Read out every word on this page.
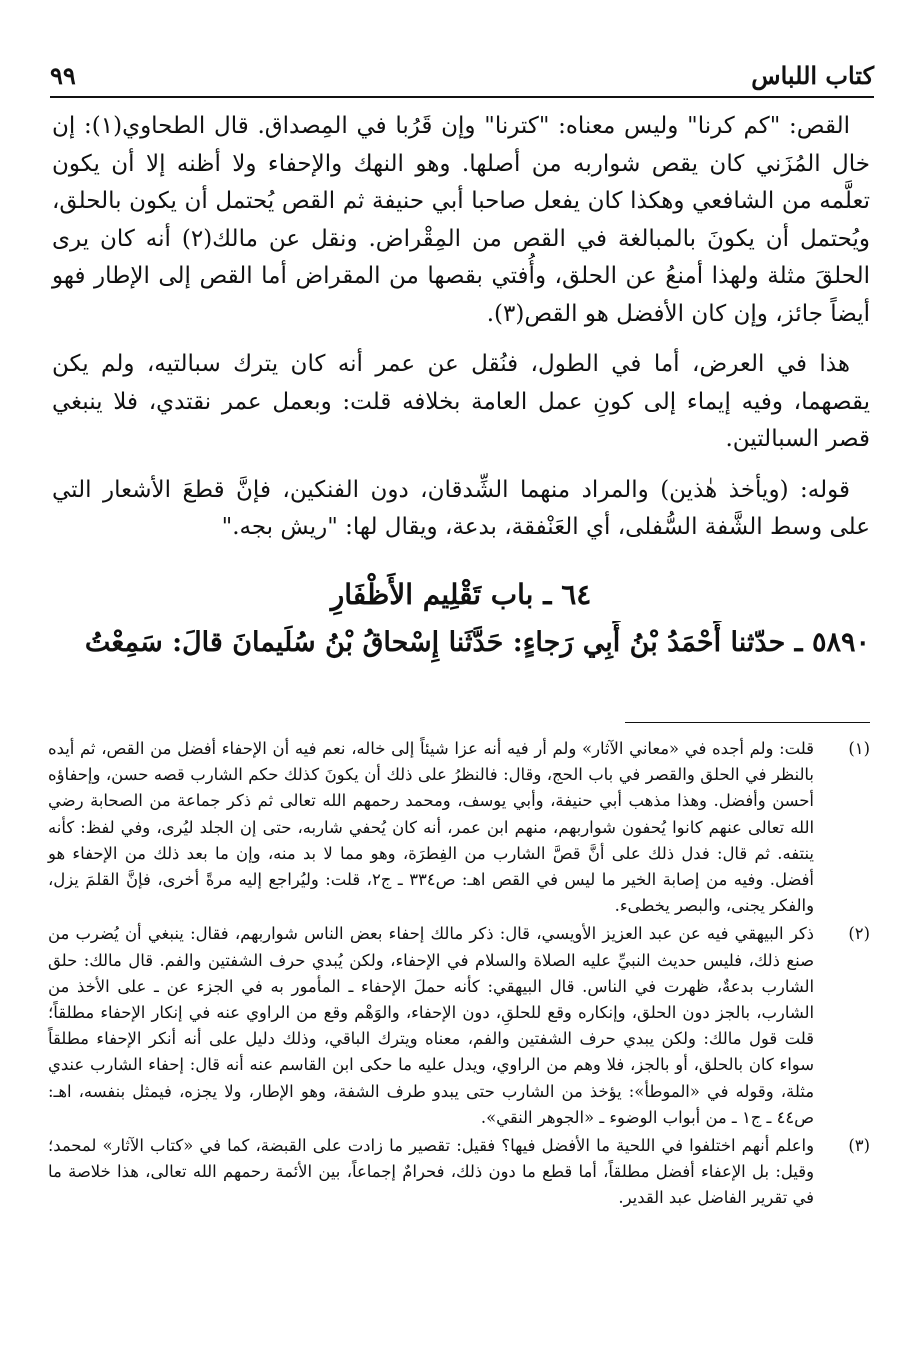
كتاب اللباس
٩٩

القص: "كم كرنا" وليس معناه: "كترنا" وإن قَرُبا في المِصداق. قال الطحاوي(١): إن خال المُزَني كان يقص شواربه من أصلها. وهو النهك والإحفاء ولا أظنه إلا أن يكون تعلَّمه من الشافعي وهكذا كان يفعل صاحبا أبي حنيفة ثم القص يُحتمل أن يكون بالحلق، ويُحتمل أن يكونَ بالمبالغة في القص من المِقْراض. ونقل عن مالك(٢) أنه كان يرى الحلقَ مثلة ولهذا أمنعُ عن الحلق، وأُفتي بقصها من المقراض أما القص إلى الإطار فهو أيضاً جائز، وإن كان الأفضل هو القص(٣).

هذا في العرض، أما في الطول، فنُقل عن عمر أنه كان يترك سبالتيه، ولم يكن يقصهما، وفيه إيماء إلى كونِ عمل العامة بخلافه قلت: وبعمل عمر نقتدي، فلا ينبغي قصر السبالتين.

قوله: (ويأخذ هٰذين) والمراد منهما الشِّدقان، دون الفنكين، فإنَّ قطعَ الأشعار التي على وسط الشَّفة السُّفلى، أي العَنْفقة، بدعة، ويقال لها: "ريش بجه."

٦٤ ـ باب تَقْلِيم الأَظْفَارِ
٥٨٩٠ ـ حدّثنا أَحْمَدُ بْنُ أَبِي رَجاءٍ: حَدَّثَنا إِسْحاقُ بْنُ سُلَيمانَ قالَ: سَمِعْتُ
(١)
قلت: ولم أجده في «معاني الآثار» ولم أر فيه أنه عزا شيئاً إلى خاله، نعم فيه أن الإحفاء أفضل من القص، ثم أيده بالنظر في الحلق والقصر في باب الحج، وقال: فالنظرُ على ذلك أن يكونَ كذلك حكم الشارب قصه حسن، وإحفاؤه أحسن وأفضل. وهذا مذهب أبي حنيفة، وأبي يوسف، ومحمد رحمهم الله تعالى ثم ذكر جماعة من الصحابة رضي الله تعالى عنهم كانوا يُحفون شواربهم، منهم ابن عمر، أنه كان يُحفي شاربه، حتى إن الجلد ليُرى، وفي لفظ: كأنه ينتفه. ثم قال: فدل ذلك على أنَّ قصَّ الشارب من الفِطرَة، وهو مما لا بد منه، وإن ما بعد ذلك من الإحفاء هو أفضل. وفيه من إصابة الخير ما ليس في القص اهـ: ص٣٣٤ ـ ج٢، قلت: وليُراجع إليه مرةً أخرى، فإنَّ القلمَ يزل، والفكر يجنى، والبصر يخطىء.
(٢)
ذكر البيهقي فيه عن عبد العزيز الأويسي، قال: ذكر مالك إحفاء بعض الناس شواربهم، فقال: ينبغي أن يُضرب من صنع ذلك، فليس حديث النبيِّ عليه الصلاة والسلام في الإحفاء، ولكن يُبدي حرف الشفتين والفم. قال مالك: حلق الشارب بدعةٌ، ظهرت في الناس. قال البيهقي: كأنه حملَ الإحفاء ـ المأمور به في الجزء عن ـ على الأخذ من الشارب، بالجز دون الحلق، وإنكاره وقع للحلقِ، دون الإحفاء، والوَهْم وقع من الراوي عنه في إنكار الإحفاء مطلقاً؛ قلت قول مالك: ولكن يبدي حرف الشفتين والفم، معناه ويترك الباقي، وذلك دليل على أنه أنكر الإحفاء مطلقاً سواء كان بالحلق، أو بالجز، فلا وهم من الراوي، ويدل عليه ما حكى ابن القاسم عنه أنه قال: إحفاء الشارب عندي مثلة، وقوله في «الموطأ»: يؤخذ من الشارب حتى يبدو طرف الشفة، وهو الإطار، ولا يجزه، فيمثل بنفسه، اهـ: ص٤٤ ـ ج١ ـ من أبواب الوضوء ـ «الجوهر النقي».
(٣)
واعلم أنهم اختلفوا في اللحية ما الأفضل فيها؟ فقيل: تقصير ما زادت على القبضة، كما في «كتاب الآثار» لمحمد؛ وقيل: بل الإعفاء أفضل مطلقاً، أما قطع ما دون ذلك، فحرامٌ إجماعاً، بين الأئمة رحمهم الله تعالى، هذا خلاصة ما في تقرير الفاضل عبد القدير.
